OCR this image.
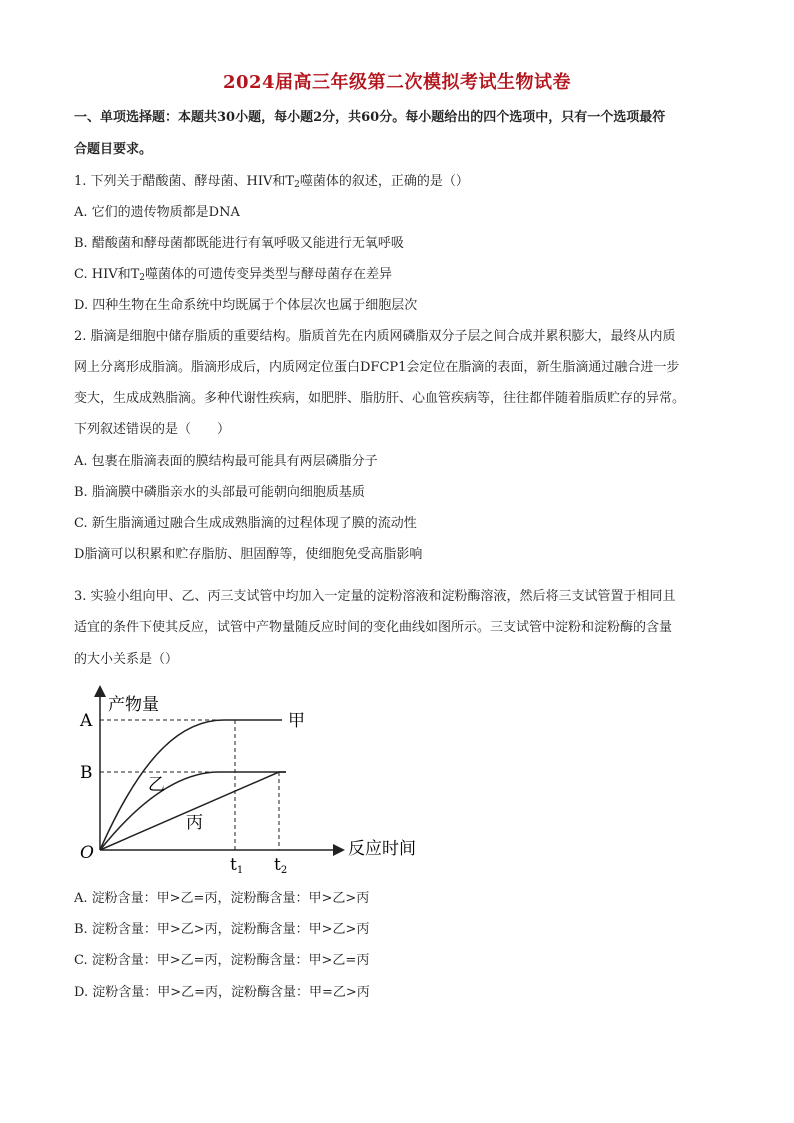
2024届高三年级第二次模拟考试生物试卷
一、单项选择题：本题共30小题，每小题2分，共60分。每小题给出的四个选项中，只有一个选项最符
合题目要求。
1. 下列关于醋酸菌、酵母菌、HIV和$T_2$噬菌体的叙述，正确的是（）
A. 它们的遗传物质都是DNA
B. 醋酸菌和酵母菌都既能进行有氧呼吸又能进行无氧呼吸
C. HIV和$T_2$噬菌体的可遗传变异类型与酵母菌存在差异
D. 四种生物在生命系统中均既属于个体层次也属于细胞层次
2. 脂滴是细胞中储存脂质的重要结构。脂质首先在内质网磷脂双分子层之间合成并累积膨大，最终从内质
网上分离形成脂滴。脂滴形成后，内质网定位蛋白DFCP1会定位在脂滴的表面，新生脂滴通过融合进一步
变大，生成成熟脂滴。多种代谢性疾病，如肥胖、脂肪肝、心血管疾病等，往往都伴随着脂质贮存的异常。
下列叙述错误的是（　　）
A. 包裹在脂滴表面的膜结构最可能具有两层磷脂分子
B. 脂滴膜中磷脂亲水的头部最可能朝向细胞质基质
C. 新生脂滴通过融合生成成熟脂滴的过程体现了膜的流动性
D脂滴可以积累和贮存脂肪、胆固醇等，使细胞免受高脂影响
3. 实验小组向甲、乙、丙三支试管中均加入一定量的淀粉溶液和淀粉酶溶液，然后将三支试管置于相同且
适宜的条件下使其反应，试管中产物量随反应时间的变化曲线如图所示。三支试管中淀粉和淀粉酶的含量
的大小关系是（）
产物量
反应时间
A
B
O
甲
乙
丙
t1 t2
A. 淀粉含量：甲>乙=丙，淀粉酶含量：甲>乙>丙
B. 淀粉含量：甲>乙>丙，淀粉酶含量：甲>乙>丙
C. 淀粉含量：甲>乙=丙，淀粉酶含量：甲>乙=丙
D. 淀粉含量：甲>乙=丙，淀粉酶含量：甲=乙>丙
